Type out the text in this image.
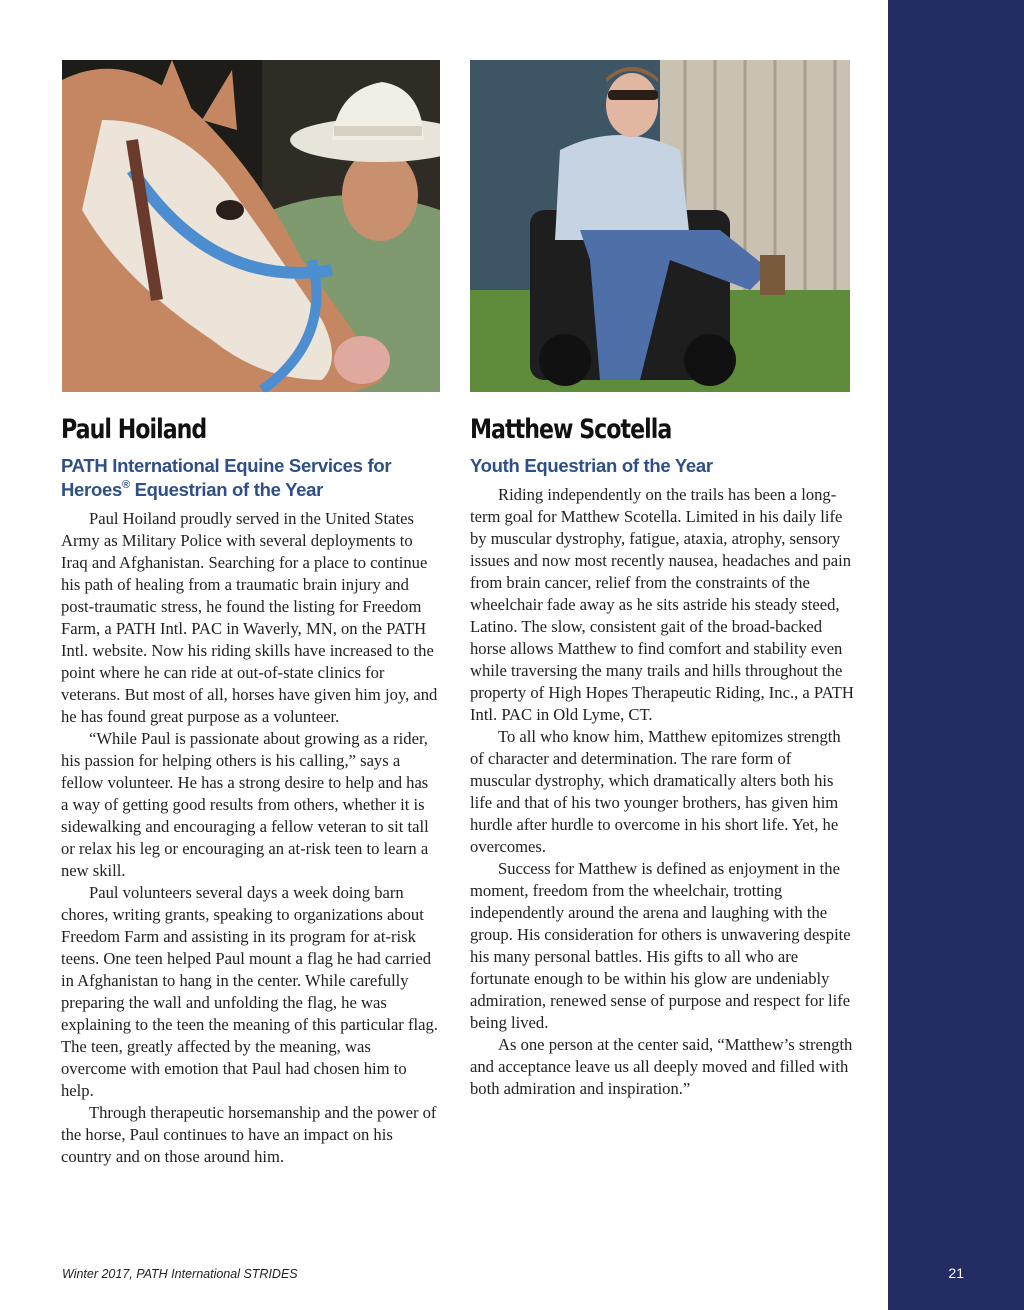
21
Paul Hoiland
PATH International Equine Services for
Heroes® Equestrian of the Year

Paul Hoiland proudly served in the United States Army as Military Police with several deployments to Iraq and Afghanistan. Searching for a place to continue his path of healing from a traumatic brain injury and post-traumatic stress, he found the listing for Freedom Farm, a PATH Intl. PAC in Waverly, MN, on the PATH Intl. website. Now his riding skills have increased to the point where he can ride at out-of-state clinics for veterans. But most of all, horses have given him joy, and he has found great purpose as a volunteer.

“While Paul is passionate about growing as a rider, his passion for helping others is his calling,” says a fellow volunteer. He has a strong desire to help and has a way of getting good results from others, whether it is sidewalking and encouraging a fellow veteran to sit tall or relax his leg or encouraging an at-risk teen to learn a new skill.

Paul volunteers several days a week doing barn chores, writing grants, speaking to organizations about Freedom Farm and assisting in its program for at-risk teens. One teen helped Paul mount a flag he had carried in Afghanistan to hang in the center. While carefully preparing the wall and unfolding the flag, he was explaining to the teen the meaning of this particular flag. The teen, greatly affected by the meaning, was overcome with emotion that Paul had chosen him to help.

Through therapeutic horsemanship and the power of the horse, Paul continues to have an impact on his country and on those around him.

Matthew Scotella
Youth Equestrian of the Year

Riding independently on the trails has been a long-term goal for Matthew Scotella. Limited in his daily life by muscular dystrophy, fatigue, ataxia, atrophy, sensory issues and now most recently nausea, headaches and pain from brain cancer, relief from the constraints of the wheelchair fade away as he sits astride his steady steed, Latino. The slow, consistent gait of the broad-backed horse allows Matthew to find comfort and stability even while traversing the many trails and hills throughout the property of High Hopes Therapeutic Riding, Inc., a PATH Intl. PAC in Old Lyme, CT.

To all who know him, Matthew epitomizes strength of character and determination. The rare form of muscular dystrophy, which dramatically alters both his life and that of his two younger brothers, has given him hurdle after hurdle to overcome in his short life. Yet, he overcomes.

Success for Matthew is defined as enjoyment in the moment, freedom from the wheelchair, trotting independently around the arena and laughing with the group. His consideration for others is unwavering despite his many personal battles. His gifts to all who are fortunate enough to be within his glow are undeniably admiration, renewed sense of purpose and respect for life being lived.

As one person at the center said, “Matthew’s strength and acceptance leave us all deeply moved and filled with both admiration and inspiration.”

Winter 2017, PATH International STRIDES
